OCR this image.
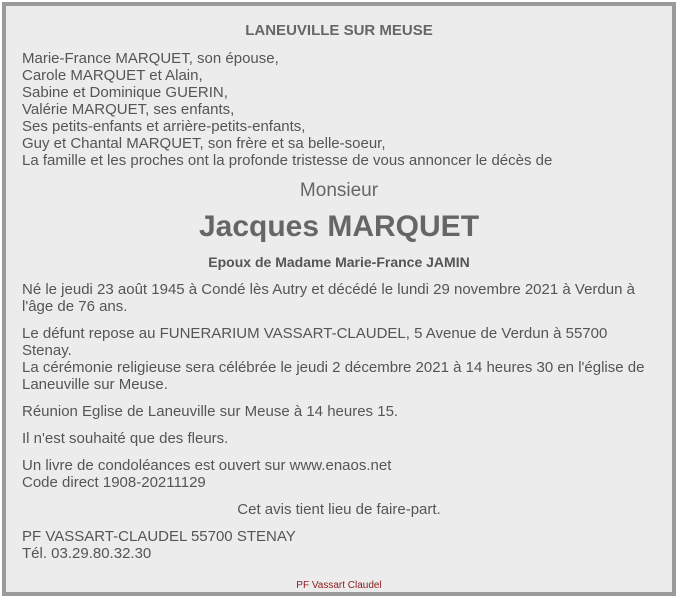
LANEUVILLE SUR MEUSE
Marie-France MARQUET, son épouse,
Carole MARQUET et Alain,
Sabine et Dominique GUERIN,
Valérie MARQUET, ses enfants,
Ses petits-enfants et arrière-petits-enfants,
Guy et Chantal MARQUET, son frère et sa belle-soeur,
La famille et les proches ont la profonde tristesse de vous annoncer le décès de
Monsieur
Jacques MARQUET
Epoux de Madame Marie-France JAMIN
Né le jeudi 23 août 1945 à Condé lès Autry et décédé le lundi 29 novembre 2021 à Verdun à l'âge de 76 ans.
Le défunt repose au FUNERARIUM VASSART-CLAUDEL, 5 Avenue de Verdun à 55700 Stenay.
La cérémonie religieuse sera célébrée le jeudi 2 décembre 2021 à 14 heures 30 en l'église de Laneuville sur Meuse.
Réunion Eglise de Laneuville sur Meuse à 14 heures 15.
Il n'est souhaité que des fleurs.
Un livre de condoléances est ouvert sur www.enaos.net
Code direct 1908-20211129
Cet avis tient lieu de faire-part.
PF VASSART-CLAUDEL 55700 STENAY
Tél. 03.29.80.32.30
PF Vassart Claudel
